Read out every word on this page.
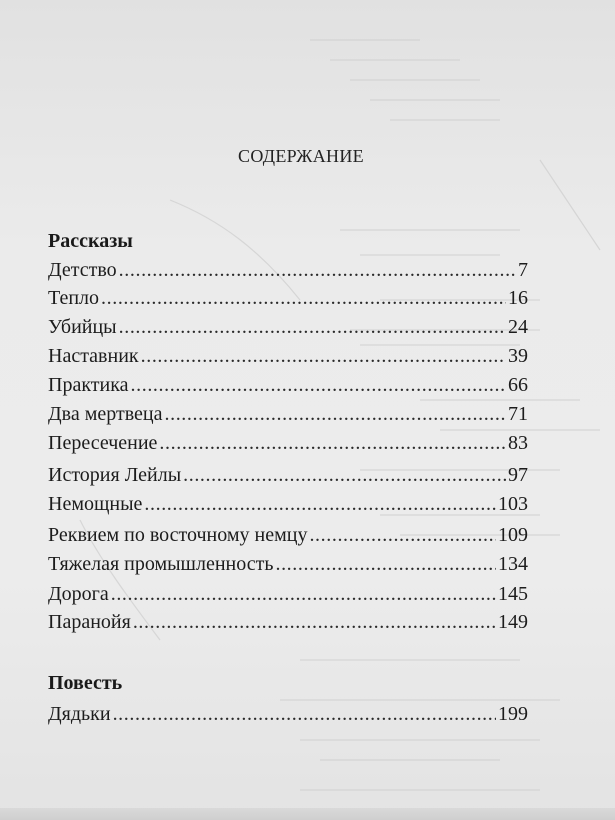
СОДЕРЖАНИЕ
Рассказы
Детство . . .	7
Тепло . . .	16
Убийцы . . .	24
Наставник . . .	39
Практика . . .	66
Два мертвеца . . .	71
Пересечение . . .	83
История Лейлы . . .	97
Немощные . . .	103
Реквием по восточному немцу . . .	109
Тяжелая промышленность . . .	134
Дорога . . .	145
Паранойя . . .	149
Повесть
Дядьки . . .	199
